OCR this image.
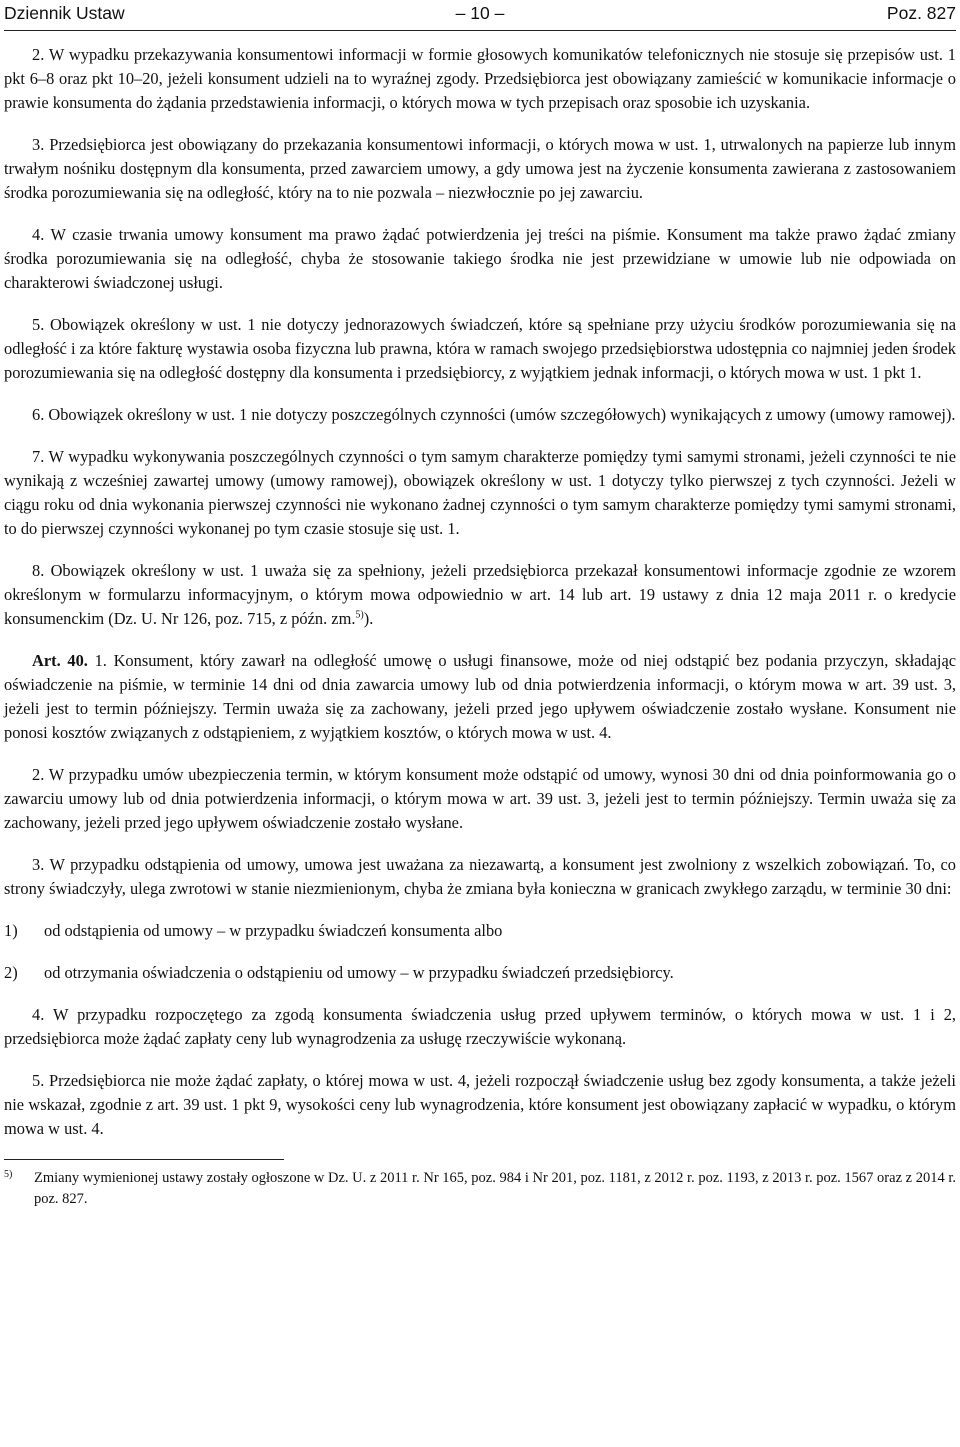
Dziennik Ustaw	– 10 –	Poz. 827

2. W wypadku przekazywania konsumentowi informacji w formie głosowych komunikatów telefonicznych nie stosuje się przepisów ust. 1 pkt 6–8 oraz pkt 10–20, jeżeli konsument udzieli na to wyraźnej zgody. Przedsiębiorca jest obowiązany zamieścić w komunikacie informacje o prawie konsumenta do żądania przedstawienia informacji, o których mowa w tych przepisach oraz sposobie ich uzyskania.

3. Przedsiębiorca jest obowiązany do przekazania konsumentowi informacji, o których mowa w ust. 1, utrwalonych na papierze lub innym trwałym nośniku dostępnym dla konsumenta, przed zawarciem umowy, a gdy umowa jest na życzenie konsumenta zawierana z zastosowaniem środka porozumiewania się na odległość, który na to nie pozwala – niezwłocznie po jej zawarciu.

4. W czasie trwania umowy konsument ma prawo żądać potwierdzenia jej treści na piśmie. Konsument ma także prawo żądać zmiany środka porozumiewania się na odległość, chyba że stosowanie takiego środka nie jest przewidziane w umowie lub nie odpowiada on charakterowi świadczonej usługi.

5. Obowiązek określony w ust. 1 nie dotyczy jednorazowych świadczeń, które są spełniane przy użyciu środków porozumiewania się na odległość i za które fakturę wystawia osoba fizyczna lub prawna, która w ramach swojego przedsiębiorstwa udostępnia co najmniej jeden środek porozumiewania się na odległość dostępny dla konsumenta i przedsiębiorcy, z wyjątkiem jednak informacji, o których mowa w ust. 1 pkt 1.

6. Obowiązek określony w ust. 1 nie dotyczy poszczególnych czynności (umów szczegółowych) wynikających z umowy (umowy ramowej).

7. W wypadku wykonywania poszczególnych czynności o tym samym charakterze pomiędzy tymi samymi stronami, jeżeli czynności te nie wynikają z wcześniej zawartej umowy (umowy ramowej), obowiązek określony w ust. 1 dotyczy tylko pierwszej z tych czynności. Jeżeli w ciągu roku od dnia wykonania pierwszej czynności nie wykonano żadnej czynności o tym samym charakterze pomiędzy tymi samymi stronami, to do pierwszej czynności wykonanej po tym czasie stosuje się ust. 1.

8. Obowiązek określony w ust. 1 uważa się za spełniony, jeżeli przedsiębiorca przekazał konsumentowi informacje zgodnie ze wzorem określonym w formularzu informacyjnym, o którym mowa odpowiednio w art. 14 lub art. 19 ustawy z dnia 12 maja 2011 r. o kredycie konsumenckim (Dz. U. Nr 126, poz. 715, z późn. zm.$^{5)}$).

Art. 40. 1. Konsument, który zawarł na odległość umowę o usługi finansowe, może od niej odstąpić bez podania przyczyn, składając oświadczenie na piśmie, w terminie 14 dni od dnia zawarcia umowy lub od dnia potwierdzenia informacji, o którym mowa w art. 39 ust. 3, jeżeli jest to termin późniejszy. Termin uważa się za zachowany, jeżeli przed jego upływem oświadczenie zostało wysłane. Konsument nie ponosi kosztów związanych z odstąpieniem, z wyjątkiem kosztów, o których mowa w ust. 4.

2. W przypadku umów ubezpieczenia termin, w którym konsument może odstąpić od umowy, wynosi 30 dni od dnia poinformowania go o zawarciu umowy lub od dnia potwierdzenia informacji, o którym mowa w art. 39 ust. 3, jeżeli jest to termin późniejszy. Termin uważa się za zachowany, jeżeli przed jego upływem oświadczenie zostało wysłane.

3. W przypadku odstąpienia od umowy, umowa jest uważana za niezawartą, a konsument jest zwolniony z wszelkich zobowiązań. To, co strony świadczyły, ulega zwrotowi w stanie niezmienionym, chyba że zmiana była konieczna w granicach zwykłego zarządu, w terminie 30 dni:

1)	od odstąpienia od umowy – w przypadku świadczeń konsumenta albo

2)	od otrzymania oświadczenia o odstąpieniu od umowy – w przypadku świadczeń przedsiębiorcy.

4. W przypadku rozpoczętego za zgodą konsumenta świadczenia usług przed upływem terminów, o których mowa w ust. 1 i 2, przedsiębiorca może żądać zapłaty ceny lub wynagrodzenia za usługę rzeczywiście wykonaną.

5. Przedsiębiorca nie może żądać zapłaty, o której mowa w ust. 4, jeżeli rozpoczął świadczenie usług bez zgody konsumenta, a także jeżeli nie wskazał, zgodnie z art. 39 ust. 1 pkt 9, wysokości ceny lub wynagrodzenia, które konsument jest obowiązany zapłacić w wypadku, o którym mowa w ust. 4.

5)	Zmiany wymienionej ustawy zostały ogłoszone w Dz. U. z 2011 r. Nr 165, poz. 984 i Nr 201, poz. 1181, z 2012 r. poz. 1193, z 2013 r. poz. 1567 oraz z 2014 r. poz. 827.
